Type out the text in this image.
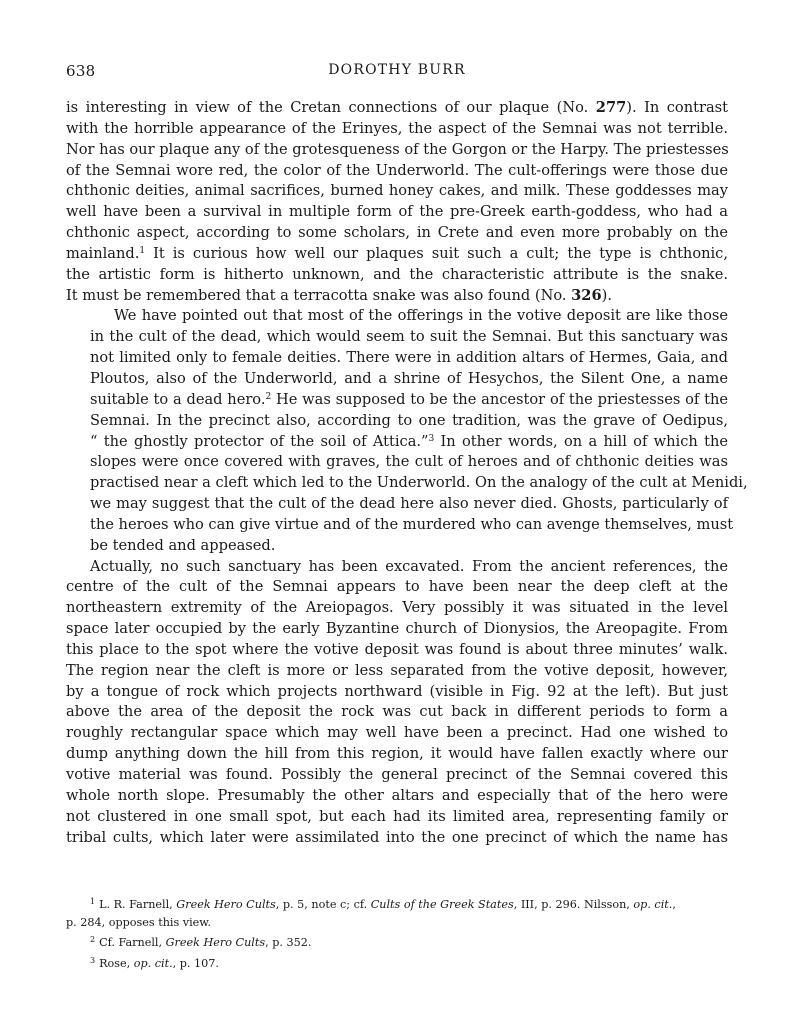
638	DOROTHY BURR

is interesting in view of the Cretan connections of our plaque (No. 277). In contrast
with the horrible appearance of the Erinyes, the aspect of the Semnai was not terrible.
Nor has our plaque any of the grotesqueness of the Gorgon or the Harpy. The priestesses
of the Semnai wore red, the color of the Underworld. The cult-offerings were those due
chthonic deities, animal sacrifices, burned honey cakes, and milk. These goddesses may
well have been a survival in multiple form of the pre-Greek earth-goddess, who had a
chthonic aspect, according to some scholars, in Crete and even more probably on the
mainland.$^1$ It is curious how well our plaques suit such a cult; the type is chthonic,
the artistic form is hitherto unknown, and the characteristic attribute is the snake.
It must be remembered that a terracotta snake was also found (No. 326).

We have pointed out that most of the offerings in the votive deposit are like those
in the cult of the dead, which would seem to suit the Semnai. But this sanctuary was
not limited only to female deities. There were in addition altars of Hermes, Gaia, and
Ploutos, also of the Underworld, and a shrine of Hesychos, the Silent One, a name
suitable to a dead hero.$^2$ He was supposed to be the ancestor of the priestesses of the
Semnai. In the precinct also, according to one tradition, was the grave of Oedipus,
“ the ghostly protector of the soil of Attica.”$^3$ In other words, on a hill of which the
slopes were once covered with graves, the cult of heroes and of chthonic deities was
practised near a cleft which led to the Underworld. On the analogy of the cult at Menidi,
we may suggest that the cult of the dead here also never died. Ghosts, particularly of
the heroes who can give virtue and of the murdered who can avenge themselves, must
be tended and appeased.

Actually, no such sanctuary has been excavated. From the ancient references, the
centre of the cult of the Semnai appears to have been near the deep cleft at the
northeastern extremity of the Areiopagos. Very possibly it was situated in the level
space later occupied by the early Byzantine church of Dionysios, the Areopagite. From
this place to the spot where the votive deposit was found is about three minutes’ walk.
The region near the cleft is more or less separated from the votive deposit, however,
by a tongue of rock which projects northward (visible in Fig. 92 at the left). But just
above the area of the deposit the rock was cut back in different periods to form a
roughly rectangular space which may well have been a precinct. Had one wished to
dump anything down the hill from this region, it would have fallen exactly where our
votive material was found. Possibly the general precinct of the Semnai covered this
whole north slope. Presumably the other altars and especially that of the hero were
not clustered in one small spot, but each had its limited area, representing family or
tribal cults, which later were assimilated into the one precinct of which the name has

$^1$ L. R. Farnell, Greek Hero Cults, p. 5, note c; cf. Cults of the Greek States, III, p. 296. Nilsson, op. cit.,
p. 284, opposes this view.
$^2$ Cf. Farnell, Greek Hero Cults, p. 352.
$^3$ Rose, op. cit., p. 107.
